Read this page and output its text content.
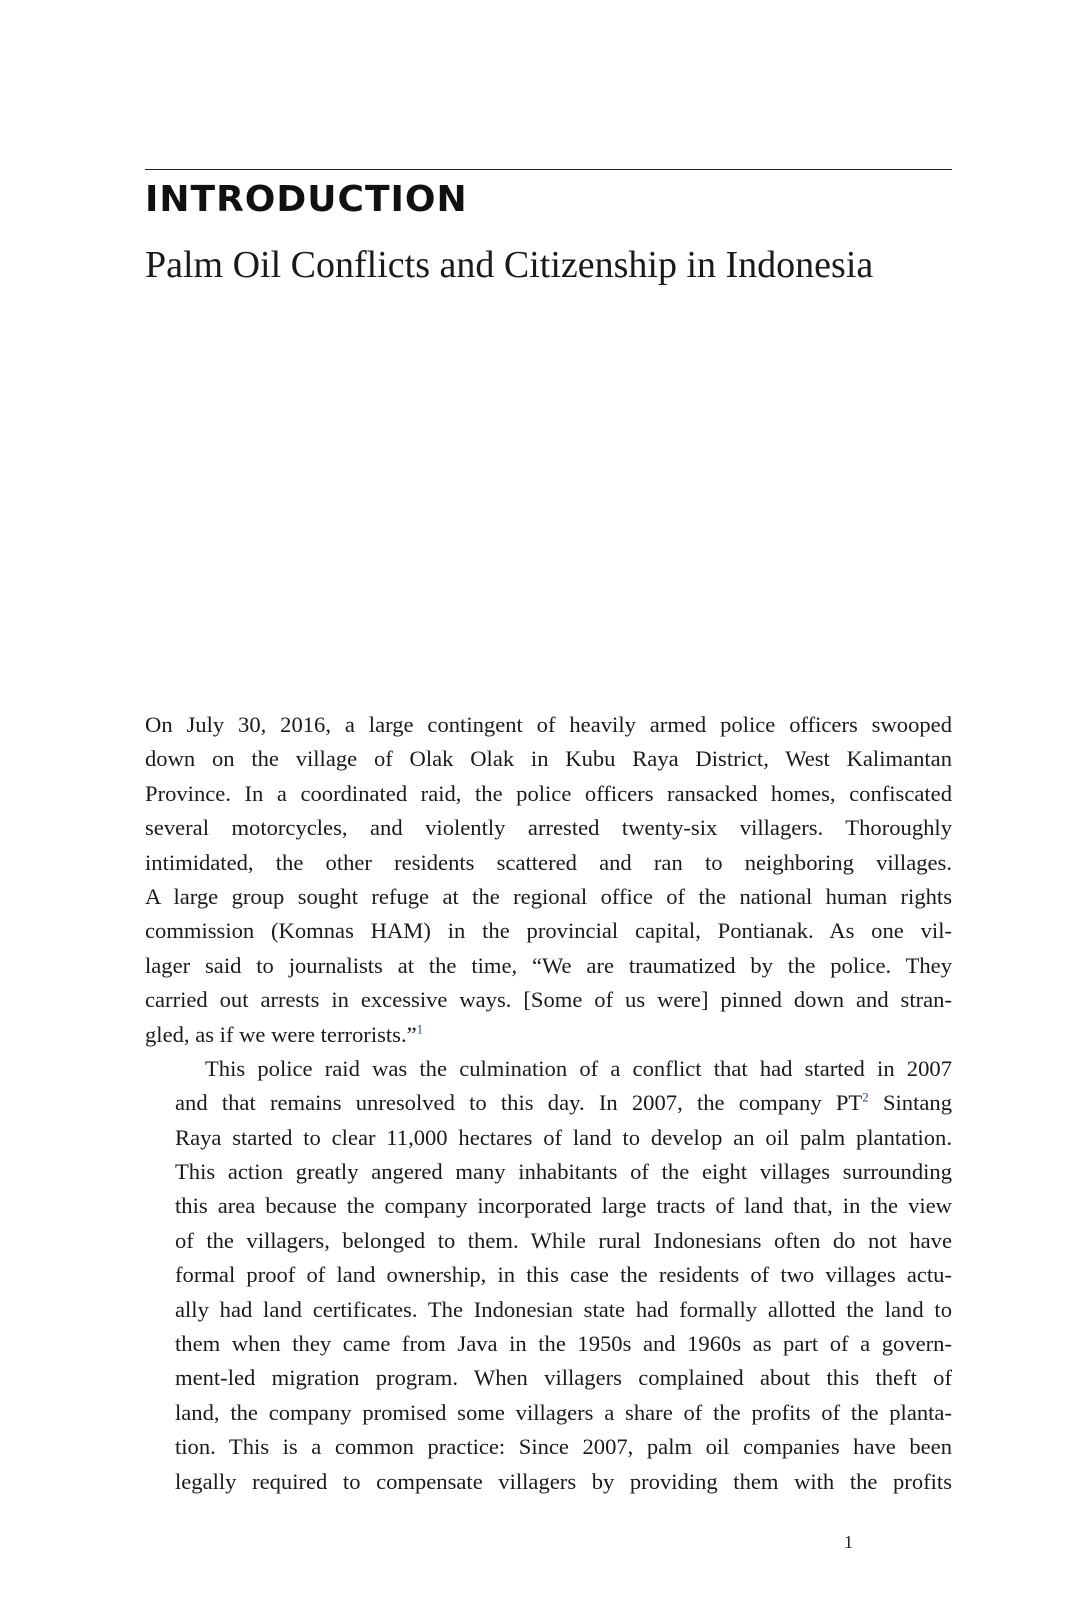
INTRODUCTION
Palm Oil Conflicts and Citizenship in Indonesia
On July 30, 2016, a large contingent of heavily armed police officers swooped
down on the village of Olak Olak in Kubu Raya District, West Kalimantan
Province. In a coordinated raid, the police officers ransacked homes, confiscated
several motorcycles, and violently arrested twenty-six villagers. Thoroughly
intimidated, the other residents scattered and ran to neighboring villages.
A large group sought refuge at the regional office of the national human rights
commission (Komnas HAM) in the provincial capital, Pontianak. As one vil-
lager said to journalists at the time, “We are traumatized by the police. They
carried out arrests in excessive ways. [Some of us were] pinned down and stran-
gled, as if we were terrorists.”$^1$
This police raid was the culmination of a conflict that had started in 2007
and that remains unresolved to this day. In 2007, the company PT$^2$ Sintang
Raya started to clear 11,000 hectares of land to develop an oil palm plantation.
This action greatly angered many inhabitants of the eight villages surrounding
this area because the company incorporated large tracts of land that, in the view
of the villagers, belonged to them. While rural Indonesians often do not have
formal proof of land ownership, in this case the residents of two villages actu-
ally had land certificates. The Indonesian state had formally allotted the land to
them when they came from Java in the 1950s and 1960s as part of a govern-
ment-led migration program. When villagers complained about this theft of
land, the company promised some villagers a share of the profits of the planta-
tion. This is a common practice: Since 2007, palm oil companies have been
legally required to compensate villagers by providing them with the profits
1
